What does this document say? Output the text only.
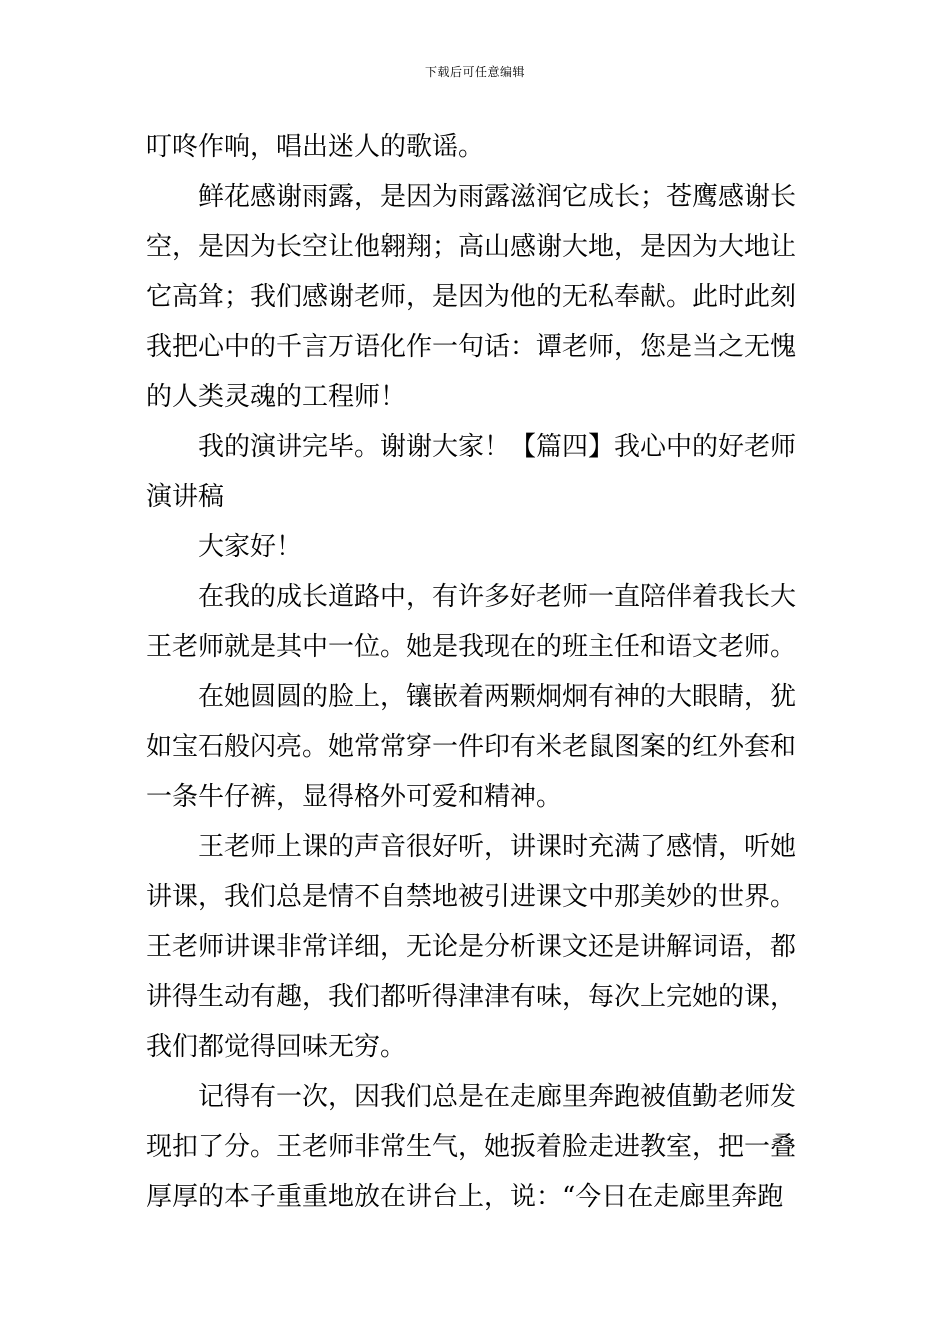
下载后可任意编辑

叮咚作响，唱出迷人的歌谣。

鲜花感谢雨露，是因为雨露滋润它成长；苍鹰感谢长
空，是因为长空让他翱翔；高山感谢大地，是因为大地让
它高耸；我们感谢老师，是因为他的无私奉献。此时此刻
我把心中的千言万语化作一句话：谭老师，您是当之无愧
的人类灵魂的工程师！

我的演讲完毕。谢谢大家！【篇四】我心中的好老师
演讲稿

大家好！

在我的成长道路中，有许多好老师一直陪伴着我长大
王老师就是其中一位。她是我现在的班主任和语文老师。

在她圆圆的脸上，镶嵌着两颗炯炯有神的大眼睛，犹
如宝石般闪亮。她常常穿一件印有米老鼠图案的红外套和
一条牛仔裤，显得格外可爱和精神。

王老师上课的声音很好听，讲课时充满了感情，听她
讲课，我们总是情不自禁地被引进课文中那美妙的世界。
王老师讲课非常详细，无论是分析课文还是讲解词语，都
讲得生动有趣，我们都听得津津有味，每次上完她的课，
我们都觉得回味无穷。

记得有一次，因我们总是在走廊里奔跑被值勤老师发
现扣了分。王老师非常生气，她扳着脸走进教室，把一叠
厚厚的本子重重地放在讲台上，说：“今日在走廊里奔跑
